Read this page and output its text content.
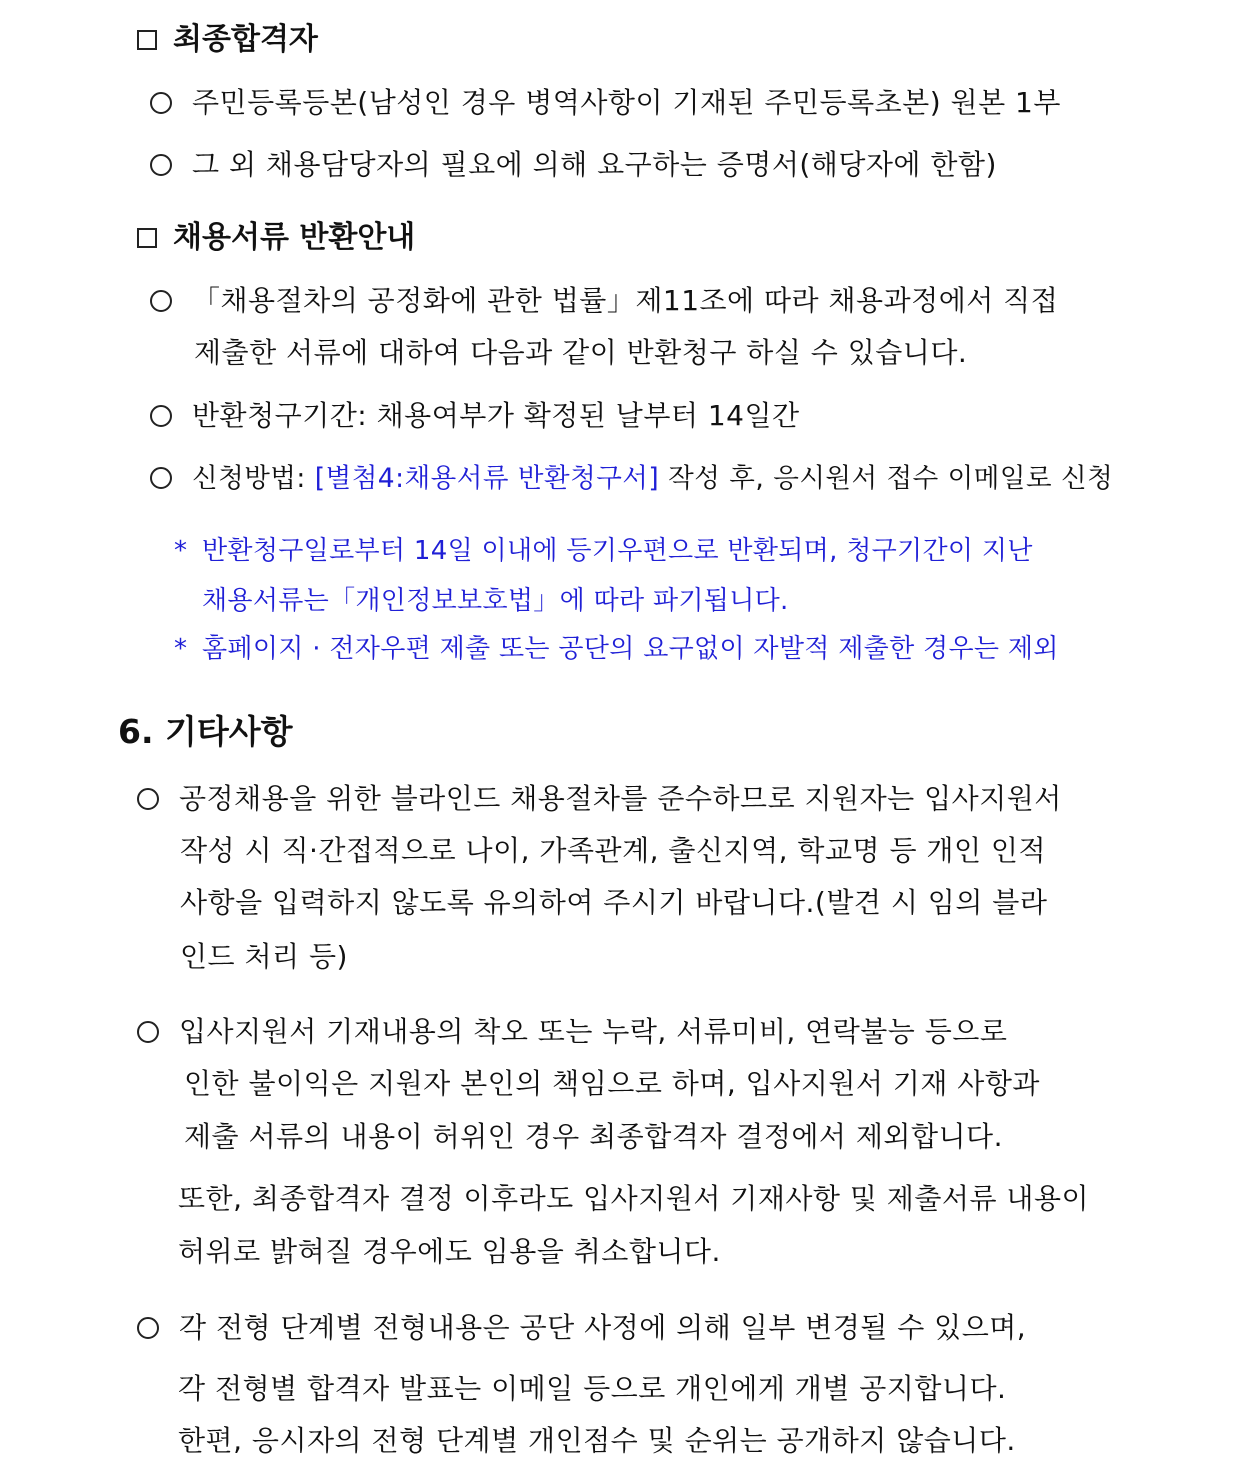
최종합격자
주민등록등본(남성인 경우 병역사항이 기재된 주민등록초본) 원본 1부
그 외 채용담당자의 필요에 의해 요구하는 증명서(해당자에 한함)
채용서류 반환안내
「채용절차의 공정화에 관한 법률」제11조에 따라 채용과정에서 직접
제출한 서류에 대하여 다음과 같이 반환청구 하실 수 있습니다.
반환청구기간: 채용여부가 확정된 날부터 14일간
신청방법: [별첨4:채용서류 반환청구서] 작성 후, 응시원서 접수 이메일로 신청
* 반환청구일로부터 14일 이내에 등기우편으로 반환되며, 청구기간이 지난
채용서류는「개인정보보호법」에 따라 파기됩니다.
* 홈페이지 · 전자우편 제출 또는 공단의 요구없이 자발적 제출한 경우는 제외
6. 기타사항
공정채용을 위한 블라인드 채용절차를 준수하므로 지원자는 입사지원서
작성 시 직·간접적으로 나이, 가족관계, 출신지역, 학교명 등 개인 인적
사항을 입력하지 않도록 유의하여 주시기 바랍니다.(발견 시 임의 블라
인드 처리 등)
입사지원서 기재내용의 착오 또는 누락, 서류미비, 연락불능 등으로
인한 불이익은 지원자 본인의 책임으로 하며, 입사지원서 기재 사항과
제출 서류의 내용이 허위인 경우 최종합격자 결정에서 제외합니다.
또한, 최종합격자 결정 이후라도 입사지원서 기재사항 및 제출서류 내용이
허위로 밝혀질 경우에도 임용을 취소합니다.
각 전형 단계별 전형내용은 공단 사정에 의해 일부 변경될 수 있으며,
각 전형별 합격자 발표는 이메일 등으로 개인에게 개별 공지합니다.
한편, 응시자의 전형 단계별 개인점수 및 순위는 공개하지 않습니다.
